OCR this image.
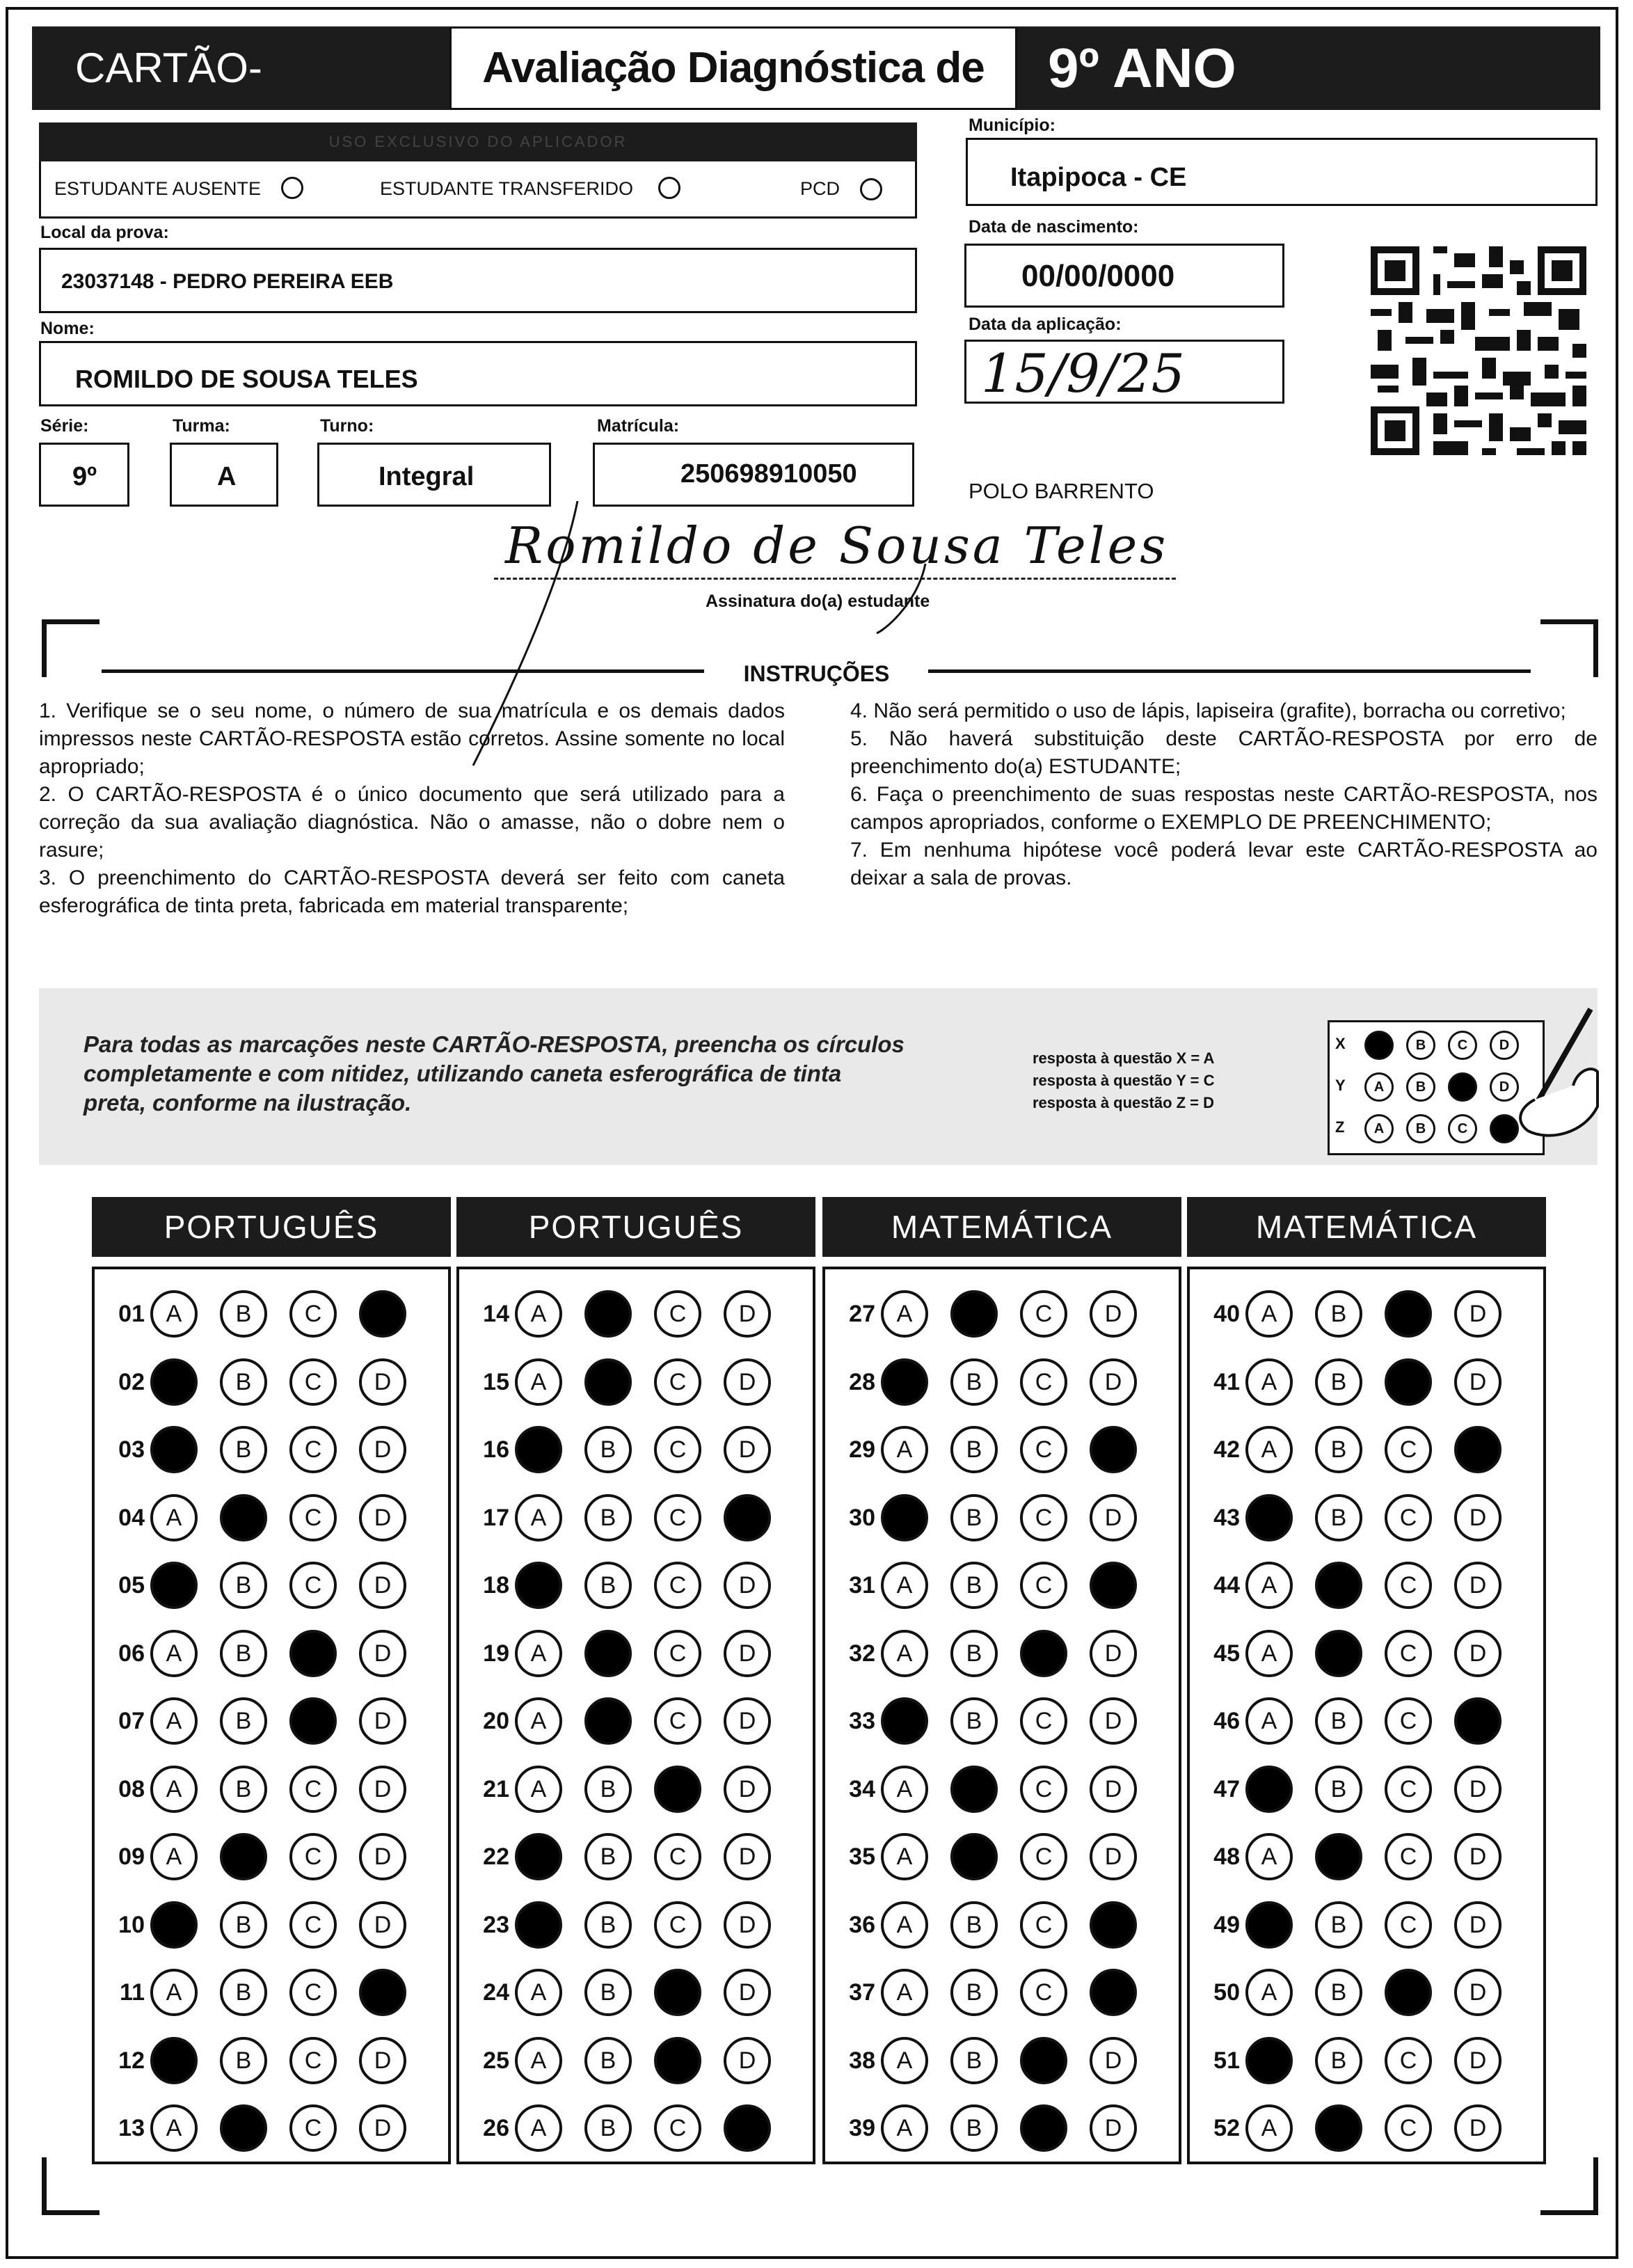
CARTÃO-	Avaliação Diagnóstica de	9º ANO
USO EXCLUSIVO DO APLICADOR
ESTUDANTE AUSENTE	ESTUDANTE TRANSFERIDO	PCD
Município:
Itapipoca - CE
Local da prova:
23037148 - PEDRO PEREIRA EEB
Data de nascimento:
00/00/0000
Nome:
ROMILDO DE SOUSA TELES
Data da aplicação:
15/9/25
Série:
9º
Turma:
A
Turno:
Integral
Matrícula:
250698910050
POLO BARRENTO
Romildo de Sousa Teles
Assinatura do(a) estudante
INSTRUÇÕES
1. Verifique se o seu nome, o número de sua matrícula e os demais dados impressos neste CARTÃO-RESPOSTA estão corretos. Assine somente no local apropriado;
2. O CARTÃO-RESPOSTA é o único documento que será utilizado para a correção da sua avaliação diagnóstica. Não o amasse, não o dobre nem o rasure;
3. O preenchimento do CARTÃO-RESPOSTA deverá ser feito com caneta esferográfica de tinta preta, fabricada em material transparente;
4. Não será permitido o uso de lápis, lapiseira (grafite), borracha ou corretivo;
5. Não haverá substituição deste CARTÃO-RESPOSTA por erro de preenchimento do(a) ESTUDANTE;
6. Faça o preenchimento de suas respostas neste CARTÃO-RESPOSTA, nos campos apropriados, conforme o EXEMPLO DE PREENCHIMENTO;
7. Em nenhuma hipótese você poderá levar este CARTÃO-RESPOSTA ao deixar a sala de provas.
Para todas as marcações neste CARTÃO-RESPOSTA, preencha os círculos completamente e com nitidez, utilizando caneta esferográfica de tinta preta, conforme na ilustração.
resposta à questão X = A
resposta à questão Y = C
resposta à questão Z = D
X	A	B	C	D
Y	A	B	C	D
Z	A	B	C	D
PORTUGUÊS
01 A	B	C	D
02 A	B	C	D
03 A	B	C	D
04 A	B	C	D
05 A	B	C	D
06 A	B	C	D
07 A	B	C	D
08 A	B	C	D
09 A	B	C	D
10 A	B	C	D
11 A	B	C	D
12 A	B	C	D
13 A	B	C	D
PORTUGUÊS
14 A	B	C	D
15 A	B	C	D
16 A	B	C	D
17 A	B	C	D
18 A	B	C	D
19 A	B	C	D
20 A	B	C	D
21 A	B	C	D
22 A	B	C	D
23 A	B	C	D
24 A	B	C	D
25 A	B	C	D
26 A	B	C	D
MATEMÁTICA
27 A	B	C	D
28 A	B	C	D
29 A	B	C	D
30 A	B	C	D
31 A	B	C	D
32 A	B	C	D
33 A	B	C	D
34 A	B	C	D
35 A	B	C	D
36 A	B	C	D
37 A	B	C	D
38 A	B	C	D
39 A	B	C	D
MATEMÁTICA
40 A	B	C	D
41 A	B	C	D
42 A	B	C	D
43 A	B	C	D
44 A	B	C	D
45 A	B	C	D
46 A	B	C	D
47 A	B	C	D
48 A	B	C	D
49 A	B	C	D
50 A	B	C	D
51 A	B	C	D
52 A	B	C	D
